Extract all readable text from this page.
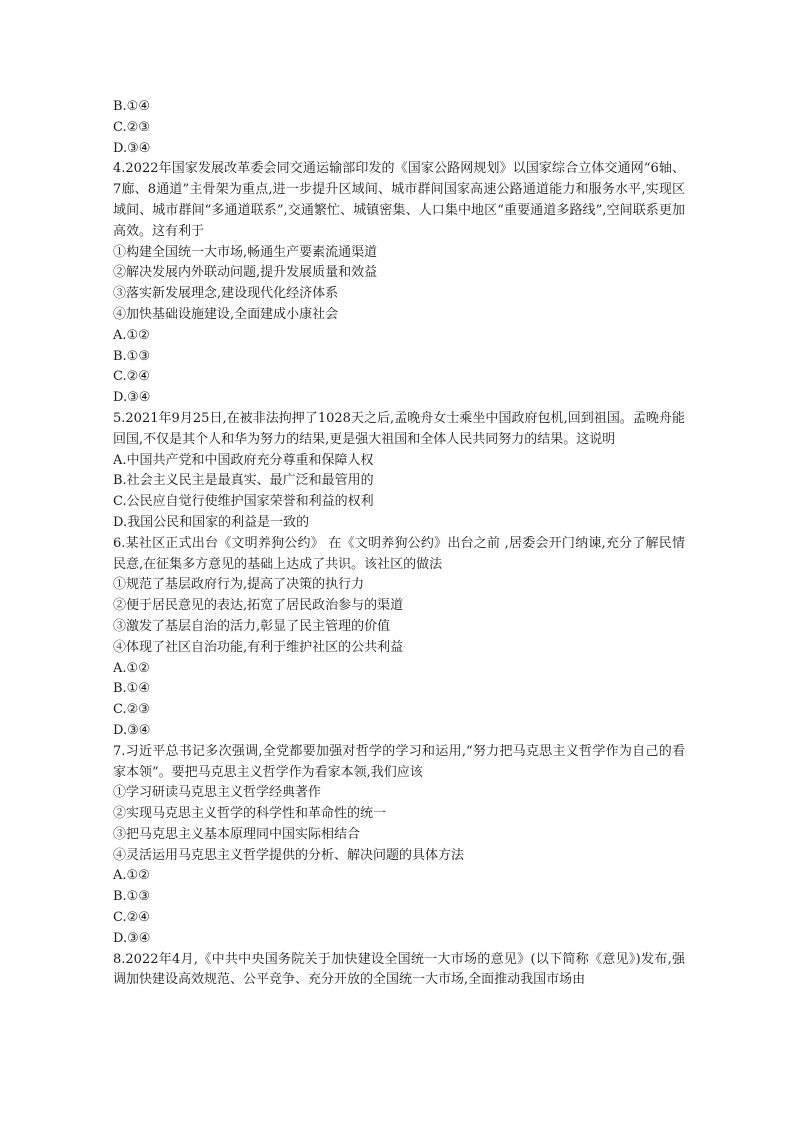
B.①④
C.②③
D.③④
4.2022年国家发展改革委会同交通运输部印发的《国家公路网规划》以国家综合立体交通网“6轴、7廊、8通道”主骨架为重点,进一步提升区域间、城市群间国家高速公路通道能力和服务水平,实现区域间、城市群间“多通道联系”,交通繁忙、城镇密集、人口集中地区“重要通道多路线”,空间联系更加高效。这有利于
①构建全国统一大市场,畅通生产要素流通渠道
②解决发展内外联动问题,提升发展质量和效益
③落实新发展理念,建设现代化经济体系
④加快基础设施建设,全面建成小康社会
A.①②
B.①③
C.②④
D.③④
5.2021年9月25日,在被非法拘押了1028天之后,孟晚舟女士乘坐中国政府包机,回到祖国。孟晚舟能回国,不仅是其个人和华为努力的结果,更是强大祖国和全体人民共同努力的结果。这说明
A.中国共产党和中国政府充分尊重和保障人权
B.社会主义民主是最真实、最广泛和最管用的
C.公民应自觉行使维护国家荣誉和利益的权利
D.我国公民和国家的利益是一致的
6.某社区正式出台《文明养狗公约》 在《文明养狗公约》出台之前 ,居委会开门纳谏,充分了解民情民意,在征集多方意见的基础上达成了共识。该社区的做法
①规范了基层政府行为,提高了决策的执行力
②便于居民意见的表达,拓宽了居民政治参与的渠道
③激发了基层自治的活力,彰显了民主管理的价值
④体现了社区自治功能,有利于维护社区的公共利益
A.①②
B.①④
C.②③
D.③④
7.习近平总书记多次强调,全党都要加强对哲学的学习和运用,“努力把马克思主义哲学作为自己的看家本领”。要把马克思主义哲学作为看家本领,我们应该
①学习研读马克思主义哲学经典著作
②实现马克思主义哲学的科学性和革命性的统一
③把马克思主义基本原理同中国实际相结合
④灵活运用马克思主义哲学提供的分析、解决问题的具体方法
A.①②
B.①③
C.②④
D.③④
8.2022年4月,《中共中央国务院关于加快建设全国统一大市场的意见》(以下简称《意见》)发布,强调加快建设高效规范、公平竞争、充分开放的全国统一大市场,全面推动我国市场由
